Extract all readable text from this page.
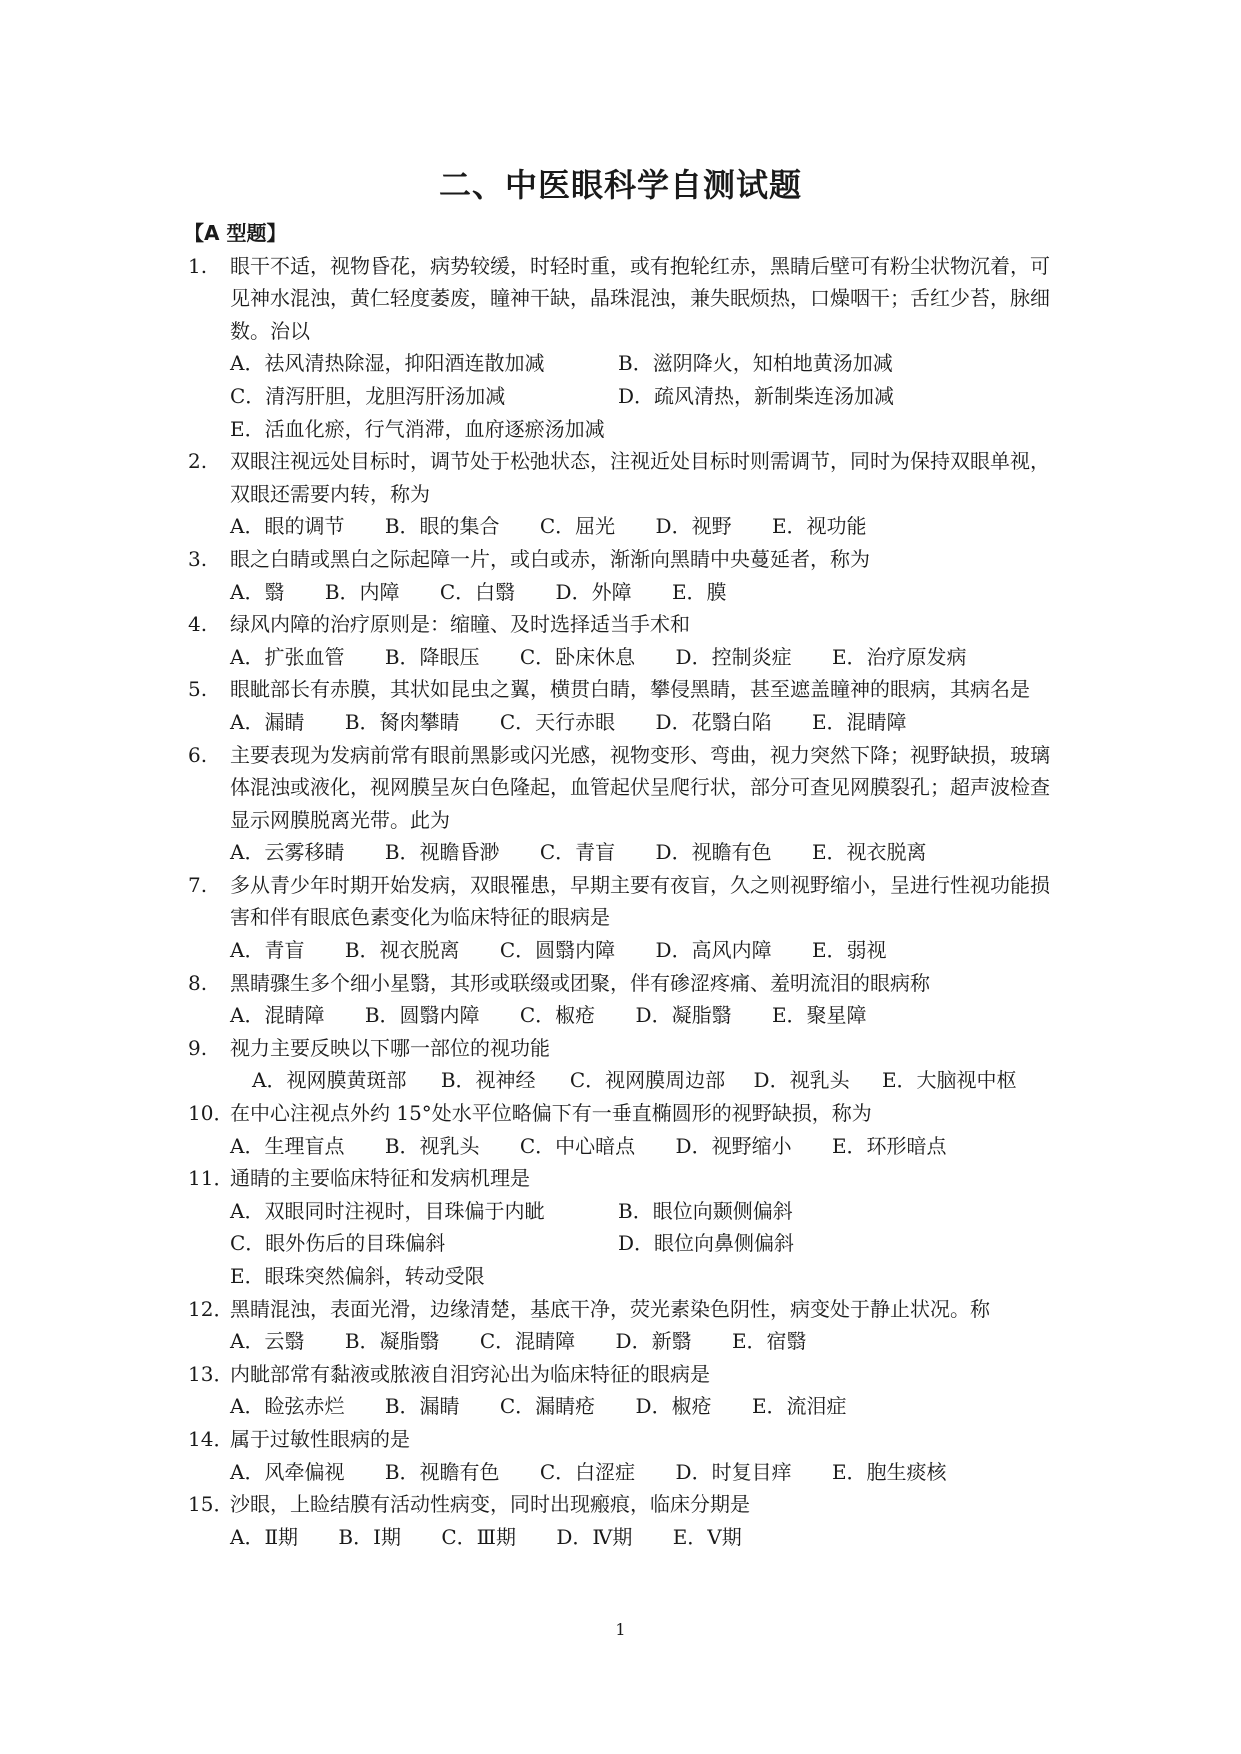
二、中医眼科学自测试题
【A 型题】
1. 眼干不适，视物昏花，病势较缓，时轻时重，或有抱轮红赤，黑睛后壁可有粉尘状物沉着，可见神水混浊，黄仁轻度萎废，瞳神干缺，晶珠混浊，兼失眠烦热，口燥咽干；舌红少苔，脉细数。治以
A．祛风清热除湿，抑阳酒连散加减	B．滋阴降火，知柏地黄汤加减
C．清泻肝胆，龙胆泻肝汤加减	D．疏风清热，新制柴连汤加减
E．活血化瘀，行气消滞，血府逐瘀汤加减
2. 双眼注视远处目标时，调节处于松弛状态，注视近处目标时则需调节，同时为保持双眼单视，双眼还需要内转，称为
A．眼的调节 B．眼的集合 C．屈光 D．视野 E．视功能
3. 眼之白睛或黑白之际起障一片，或白或赤，渐渐向黑睛中央蔓延者，称为
A．翳 B．内障 C．白翳 D．外障 E．膜
4. 绿风内障的治疗原则是：缩瞳、及时选择适当手术和
A．扩张血管 B．降眼压 C．卧床休息 D．控制炎症 E．治疗原发病
5. 眼眦部长有赤膜，其状如昆虫之翼，横贯白睛，攀侵黑睛，甚至遮盖瞳神的眼病，其病名是
A．漏睛 B．胬肉攀睛 C．天行赤眼 D．花翳白陷 E．混睛障
6. 主要表现为发病前常有眼前黑影或闪光感，视物变形、弯曲，视力突然下降；视野缺损，玻璃体混浊或液化，视网膜呈灰白色隆起，血管起伏呈爬行状，部分可查见网膜裂孔；超声波检查显示网膜脱离光带。此为
A．云雾移睛 B．视瞻昏渺 C．青盲 D．视瞻有色 E．视衣脱离
7. 多从青少年时期开始发病，双眼罹患，早期主要有夜盲，久之则视野缩小，呈进行性视功能损害和伴有眼底色素变化为临床特征的眼病是
A．青盲 B．视衣脱离 C．圆翳内障 D．高风内障 E．弱视
8. 黑睛骤生多个细小星翳，其形或联缀或团聚，伴有碜涩疼痛、羞明流泪的眼病称
A．混睛障 B．圆翳内障 C．椒疮 D．凝脂翳 E．聚星障
9. 视力主要反映以下哪一部位的视功能
A．视网膜黄斑部 B．视神经 C．视网膜周边部 D．视乳头 E．大脑视中枢
10．
在中心注视点外约 15°处水平位略偏下有一垂直椭圆形的视野缺损，称为
A．生理盲点 B．视乳头 C．中心暗点 D．视野缩小 E．环形暗点
11．
通睛的主要临床特征和发病机理是
A．双眼同时注视时，目珠偏于内眦	B．眼位向颞侧偏斜
C．眼外伤后的目珠偏斜	D．眼位向鼻侧偏斜
E．眼珠突然偏斜，转动受限
12．
黑睛混浊，表面光滑，边缘清楚，基底干净，荧光素染色阴性，病变处于静止状况。称
A．云翳 B．凝脂翳 C．混睛障 D．新翳 E．宿翳
13．
内眦部常有黏液或脓液自泪窍沁出为临床特征的眼病是
A．睑弦赤烂 B．漏睛 C．漏睛疮 D．椒疮 E．流泪症
14．
属于过敏性眼病的是
A．风牵偏视 B．视瞻有色 C．白涩症 D．时复目痒 E．胞生痰核
15．
沙眼，上睑结膜有活动性病变，同时出现瘢痕，临床分期是
A．Ⅱ期 B．Ⅰ期 C．Ⅲ期 D．Ⅳ期 E．Ⅴ期
1
